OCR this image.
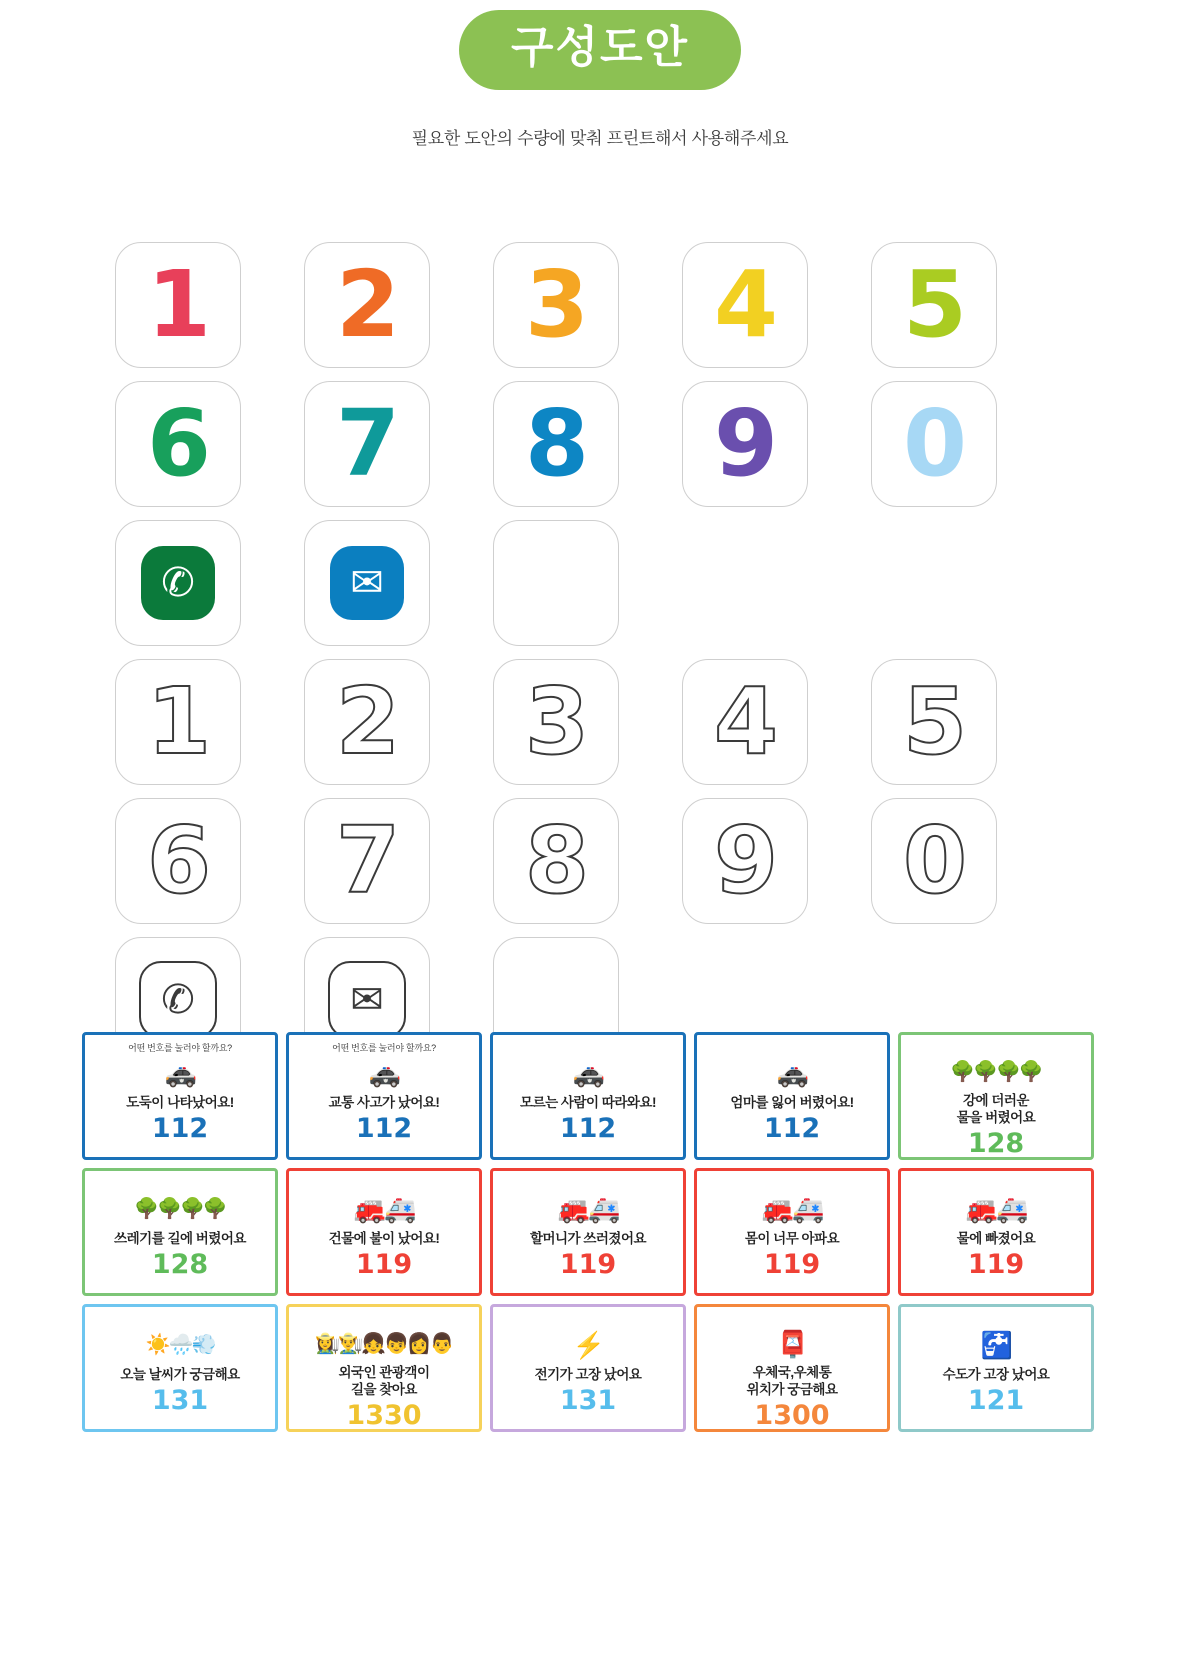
구성도안
필요한 도안의 수량에 맞춰 프린트해서 사용해주세요
1 2 3 4 5
6 7 8 9 0
✆	✉
1 2 3 4 5
6 7 8 9 0
✆	✉
어떤 번호를 눌러야 할까요?
🚓
도둑이 나타났어요!
112
어떤 번호를 눌러야 할까요?
🚓
교통 사고가 났어요!
112
🚓
모르는 사람이 따라와요!
112
🚓
엄마를 잃어 버렸어요!
112
🌳🌳🌳🌳
강에 더러운
물을 버렸어요
128
🌳🌳🌳🌳
쓰레기를 길에 버렸어요
128
🚒🚑
건물에 불이 났어요!
119
🚒🚑
할머니가 쓰러졌어요
119
🚒🚑
몸이 너무 아파요
119
🚒🚑
물에 빠졌어요
119
☀️🌧️💨
오늘 날씨가 궁금해요
131
👩‍🌾👨‍🌾👧👦👩👨
외국인 관광객이
길을 찾아요
1330
⚡
전기가 고장 났어요
131
📮
우체국,우체통
위치가 궁금해요
1300
🚰
수도가 고장 났어요
121
